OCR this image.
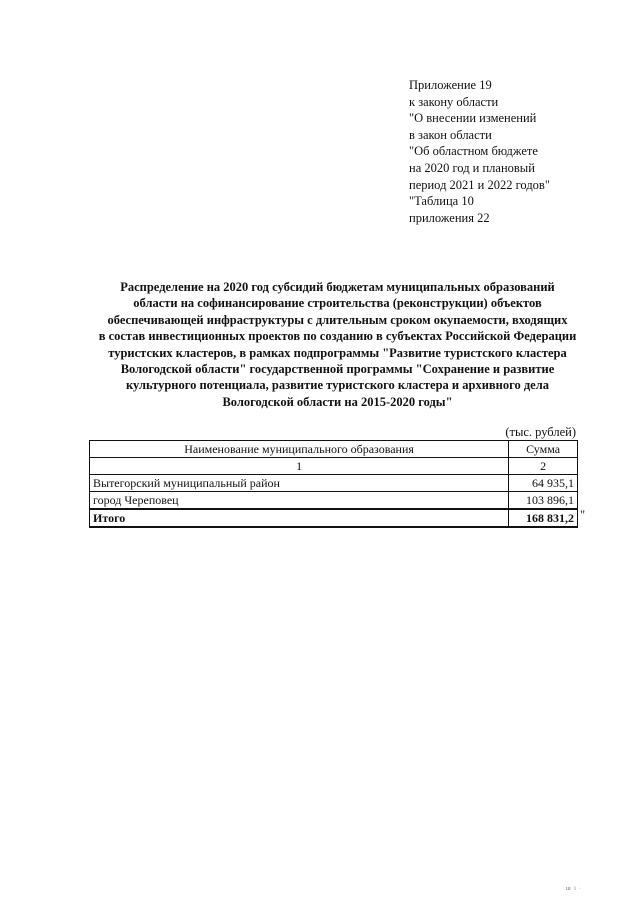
Приложение 19
к закону области
"О внесении изменений
в закон области
"Об областном бюджете
на 2020 год и плановый
период 2021 и 2022 годов"
"Таблица 10
приложения 22
Распределение на 2020 год субсидий бюджетам муниципальных образований
области на софинансирование строительства (реконструкции) объектов
обеспечивающей инфраструктуры с длительным сроком окупаемости, входящих
в состав инвестиционных проектов по созданию в субъектах Российской Федерации
туристских кластеров, в рамках подпрограммы "Развитие туристского кластера
Вологодской области" государственной программы "Сохранение и развитие
культурного потенциала, развитие туристского кластера и архивного дела
Вологодской области на 2015-2020 годы"
(тыс. рублей)
Наименование муниципального образования	Сумма
1	2
Вытегорский муниципальный район	64 935,1
город Череповец	103 896,1
Итого	168 831,2 "
ш і ·
